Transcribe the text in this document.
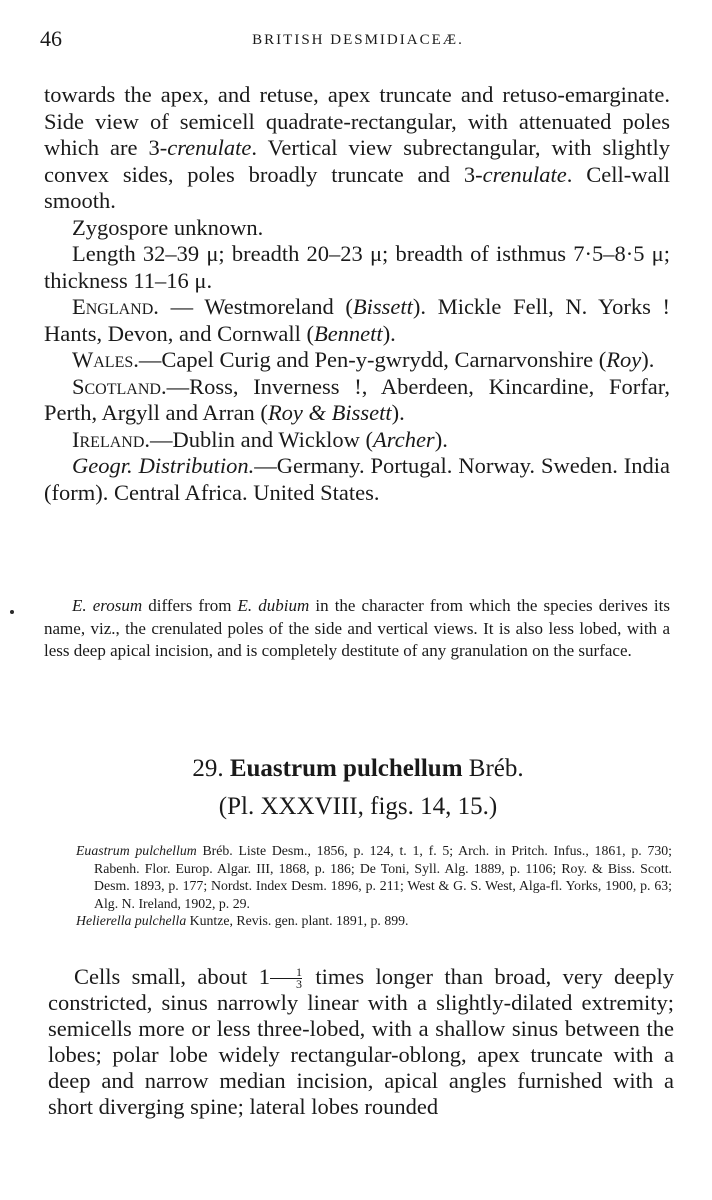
46	BRITISH DESMIDIACEÆ.

towards the apex, and retuse, apex truncate and retuso-emarginate. Side view of semicell quadrate-rectangular, with attenuated poles which are 3-crenulate. Vertical view subrectangular, with slightly convex sides, poles broadly truncate and 3-crenulate. Cell-wall smooth.

Zygospore unknown.

Length 32–39 μ; breadth 20–23 μ; breadth of isthmus 7·5–8·5 μ; thickness 11–16 μ.

England. — Westmoreland (Bissett). Mickle Fell, N. Yorks ! Hants, Devon, and Cornwall (Bennett).

Wales.—Capel Curig and Pen-y-gwrydd, Carnarvonshire (Roy).

Scotland.—Ross, Inverness !, Aberdeen, Kincardine, Forfar, Perth, Argyll and Arran (Roy & Bissett).

Ireland.—Dublin and Wicklow (Archer).

Geogr. Distribution.—Germany. Portugal. Norway. Sweden. India (form). Central Africa. United States.

E. erosum differs from E. dubium in the character from which the species derives its name, viz., the crenulated poles of the side and vertical views. It is also less lobed, with a less deep apical incision, and is completely destitute of any granulation on the surface.

29. Euastrum pulchellum Bréb.
(Pl. XXXVIII, figs. 14, 15.)

Euastrum pulchellum Bréb. Liste Desm., 1856, p. 124, t. 1, f. 5; Arch. in Pritch. Infus., 1861, p. 730; Rabenh. Flor. Europ. Algar. III, 1868, p. 186; De Toni, Syll. Alg. 1889, p. 1106; Roy. & Biss. Scott. Desm. 1893, p. 177; Nordst. Index Desm. 1896, p. 211; West & G. S. West, Alga-fl. Yorks, 1900, p. 63; Alg. N. Ireland, 1902, p. 29.

Helierella pulchella Kuntze, Revis. gen. plant. 1891, p. 899.

Cells small, about $1 \frac{1}{3}$ times longer than broad, very deeply constricted, sinus narrowly linear with a slightly-dilated extremity; semicells more or less three-lobed, with a shallow sinus between the lobes; polar lobe widely rectangular-oblong, apex truncate with a deep and narrow median incision, apical angles furnished with a short diverging spine; lateral lobes rounded
